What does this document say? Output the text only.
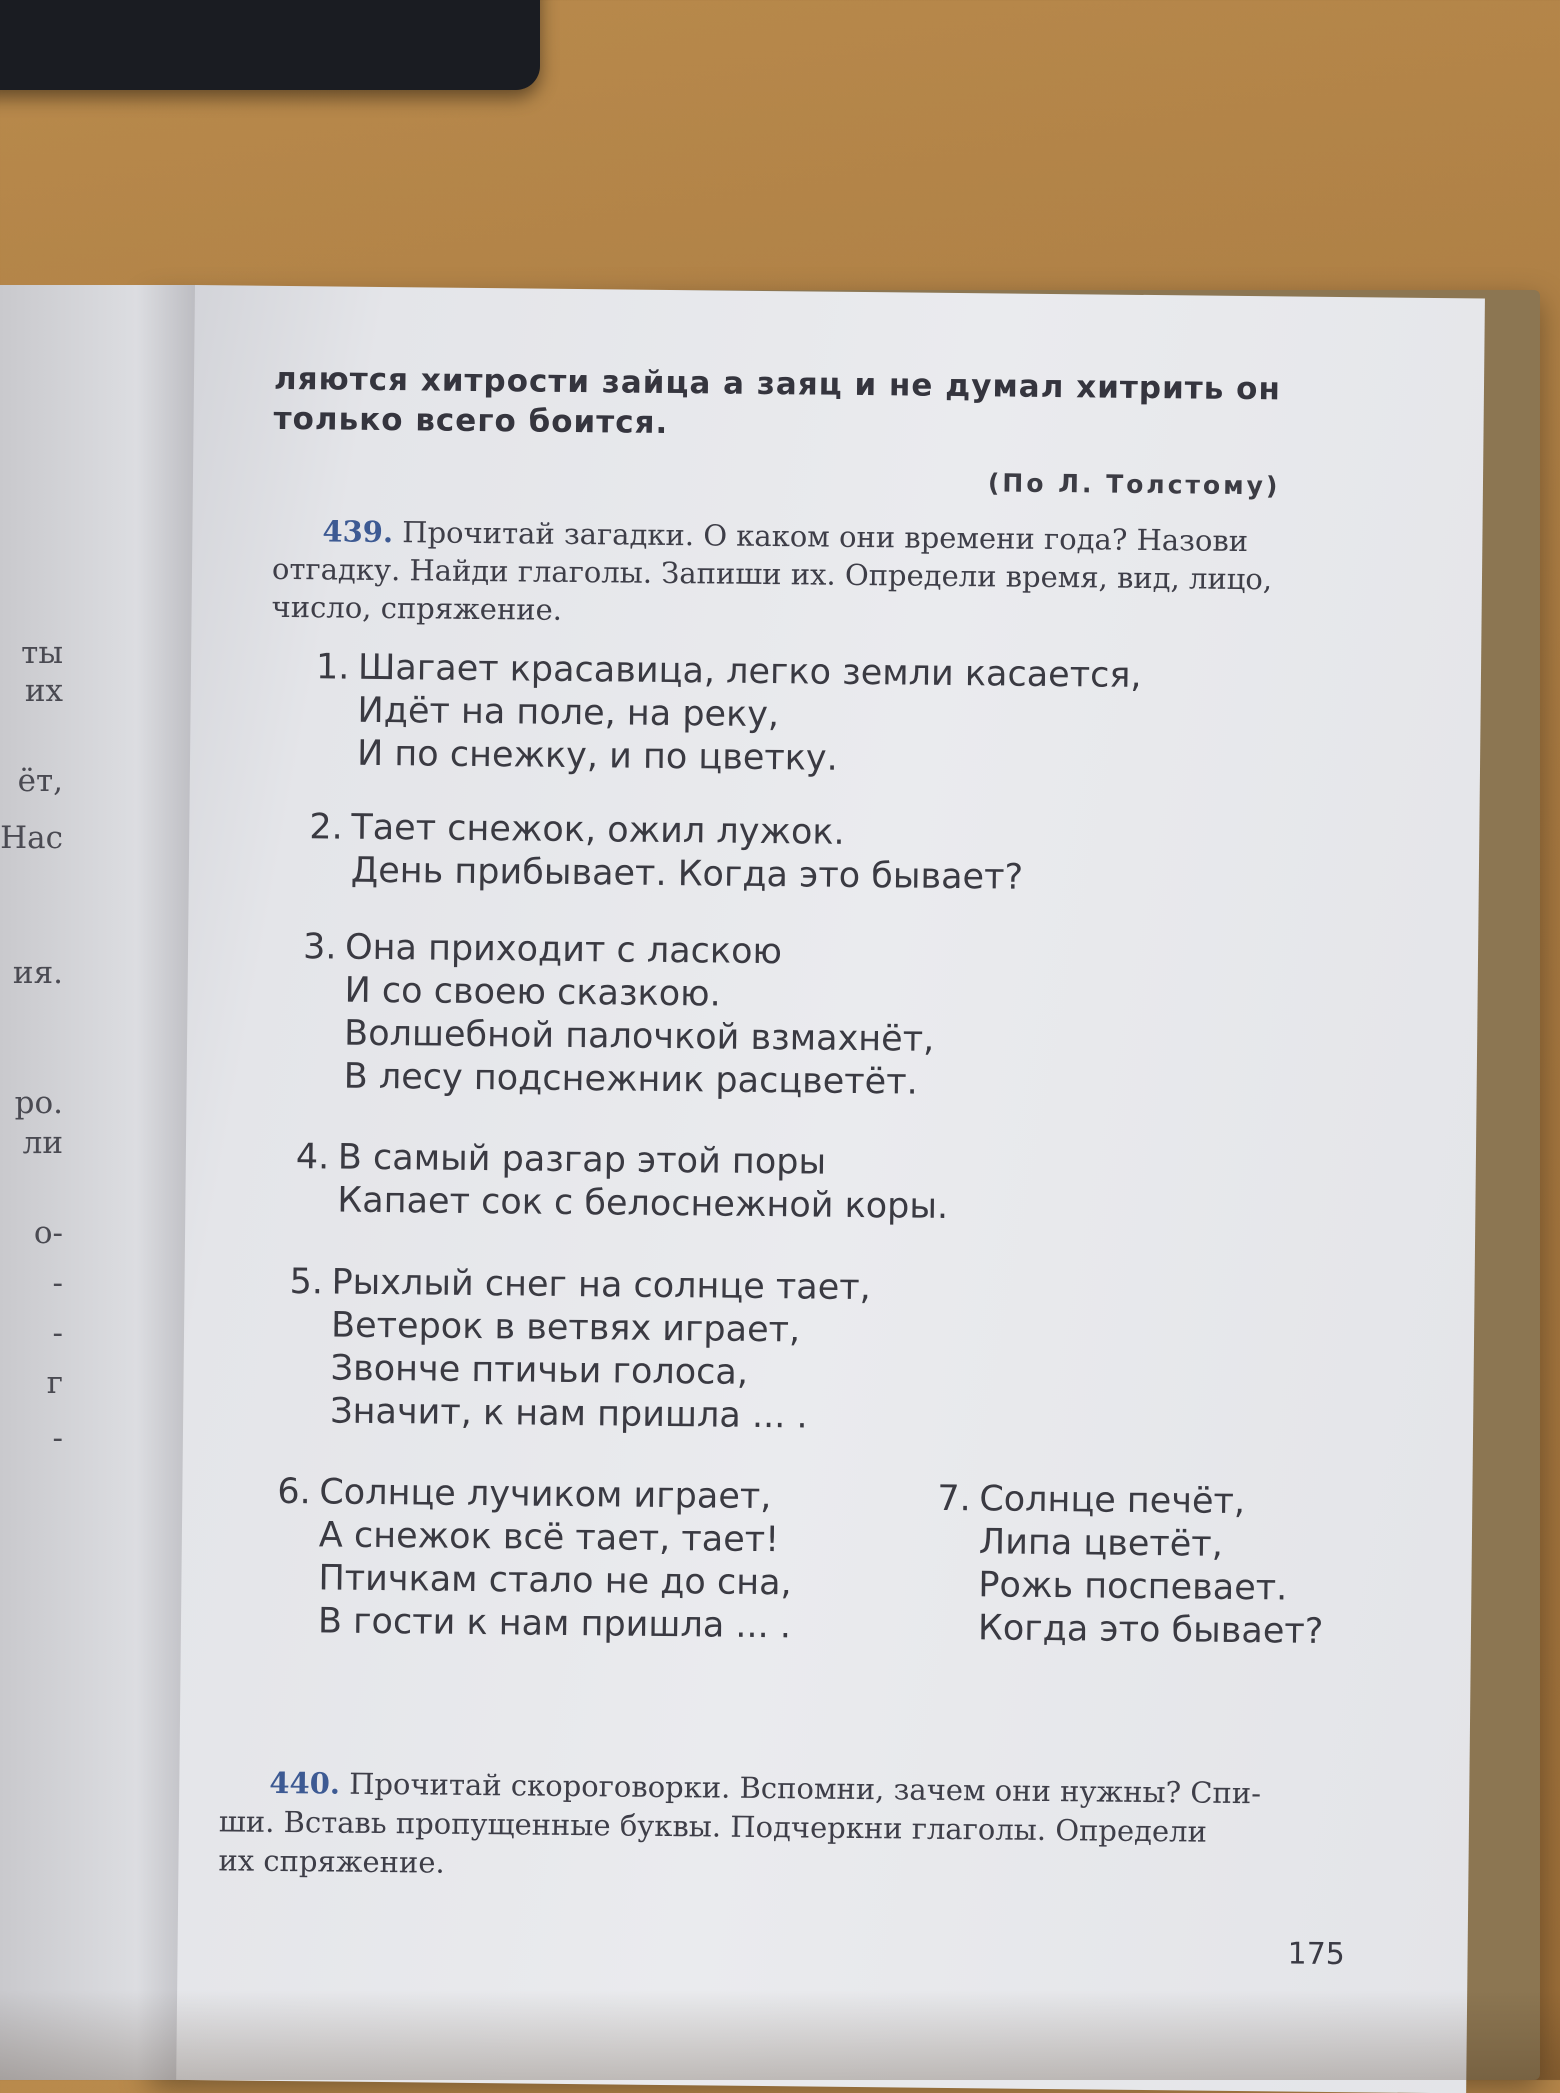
ты
их
ёт,
Нас
ия.
ро.
ли
о-
-
-
г
-
ляются хитрости зайца а заяц и не думал хитрить он
только всего боится.
(По Л. Толстому)
439. Прочитай загадки. О каком они времени года? Назови
отгадку. Найди глаголы. Запиши их. Определи время, вид, лицо,
число, спряжение.
1. Шагает красавица, легко земли касается,
Идёт на поле, на реку,
И по снежку, и по цветку.
2. Тает снежок, ожил лужок.
День прибывает. Когда это бывает?
3. Она приходит с ласкою
И со своею сказкою.
Волшебной палочкой взмахнёт,
В лесу подснежник расцветёт.
4. В самый разгар этой поры
Капает сок с белоснежной коры.
5. Рыхлый снег на солнце тает,
Ветерок в ветвях играет,
Звонче птичьи голоса,
Значит, к нам пришла ... .
6. Солнце лучиком играет,
А снежок всё тает, тает!
Птичкам стало не до сна,
В гости к нам пришла ... .
7. Солнце печёт,
Липа цветёт,
Рожь поспевает.
Когда это бывает?
440. Прочитай скороговорки. Вспомни, зачем они нужны? Спи-
ши. Вставь пропущенные буквы. Подчеркни глаголы. Определи
их спряжение.
175
